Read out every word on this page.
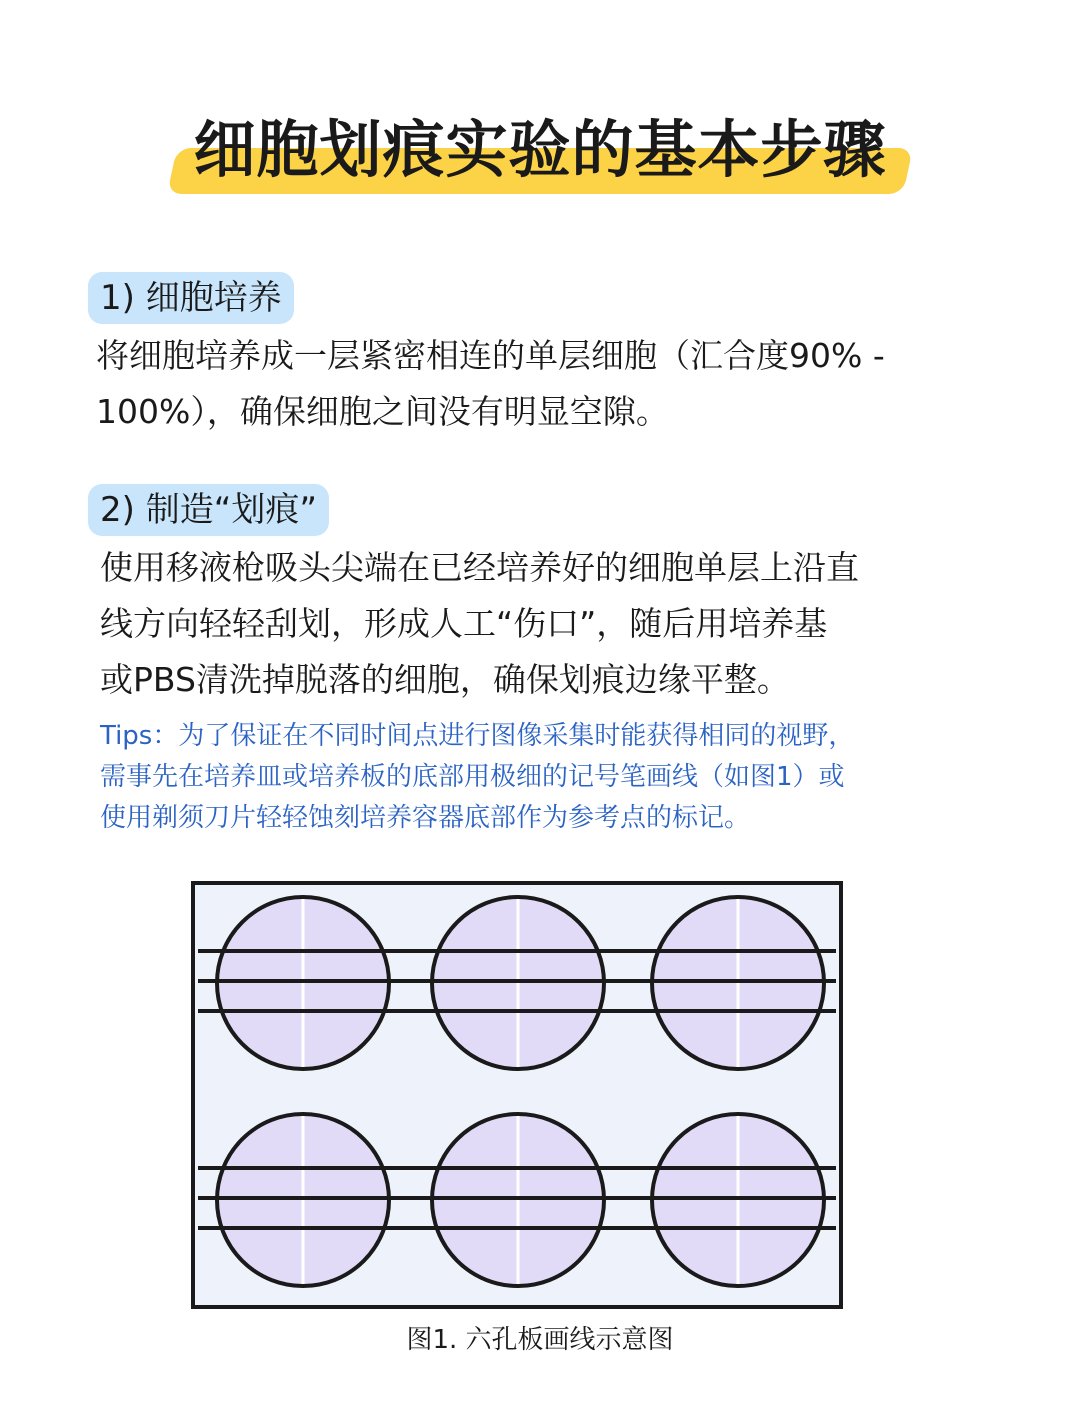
细胞划痕实验的基本步骤
1) 细胞培养
将细胞培养成一层紧密相连的单层细胞（汇合度90% -
100%），确保细胞之间没有明显空隙。
2) 制造“划痕”
使用移液枪吸头尖端在已经培养好的细胞单层上沿直
线方向轻轻刮划，形成人工“伤口”，随后用培养基
或PBS清洗掉脱落的细胞，确保划痕边缘平整。
Tips：为了保证在不同时间点进行图像采集时能获得相同的视野，
需事先在培养皿或培养板的底部用极细的记号笔画线（如图1）或
使用剃须刀片轻轻蚀刻培养容器底部作为参考点的标记。
图1. 六孔板画线示意图
